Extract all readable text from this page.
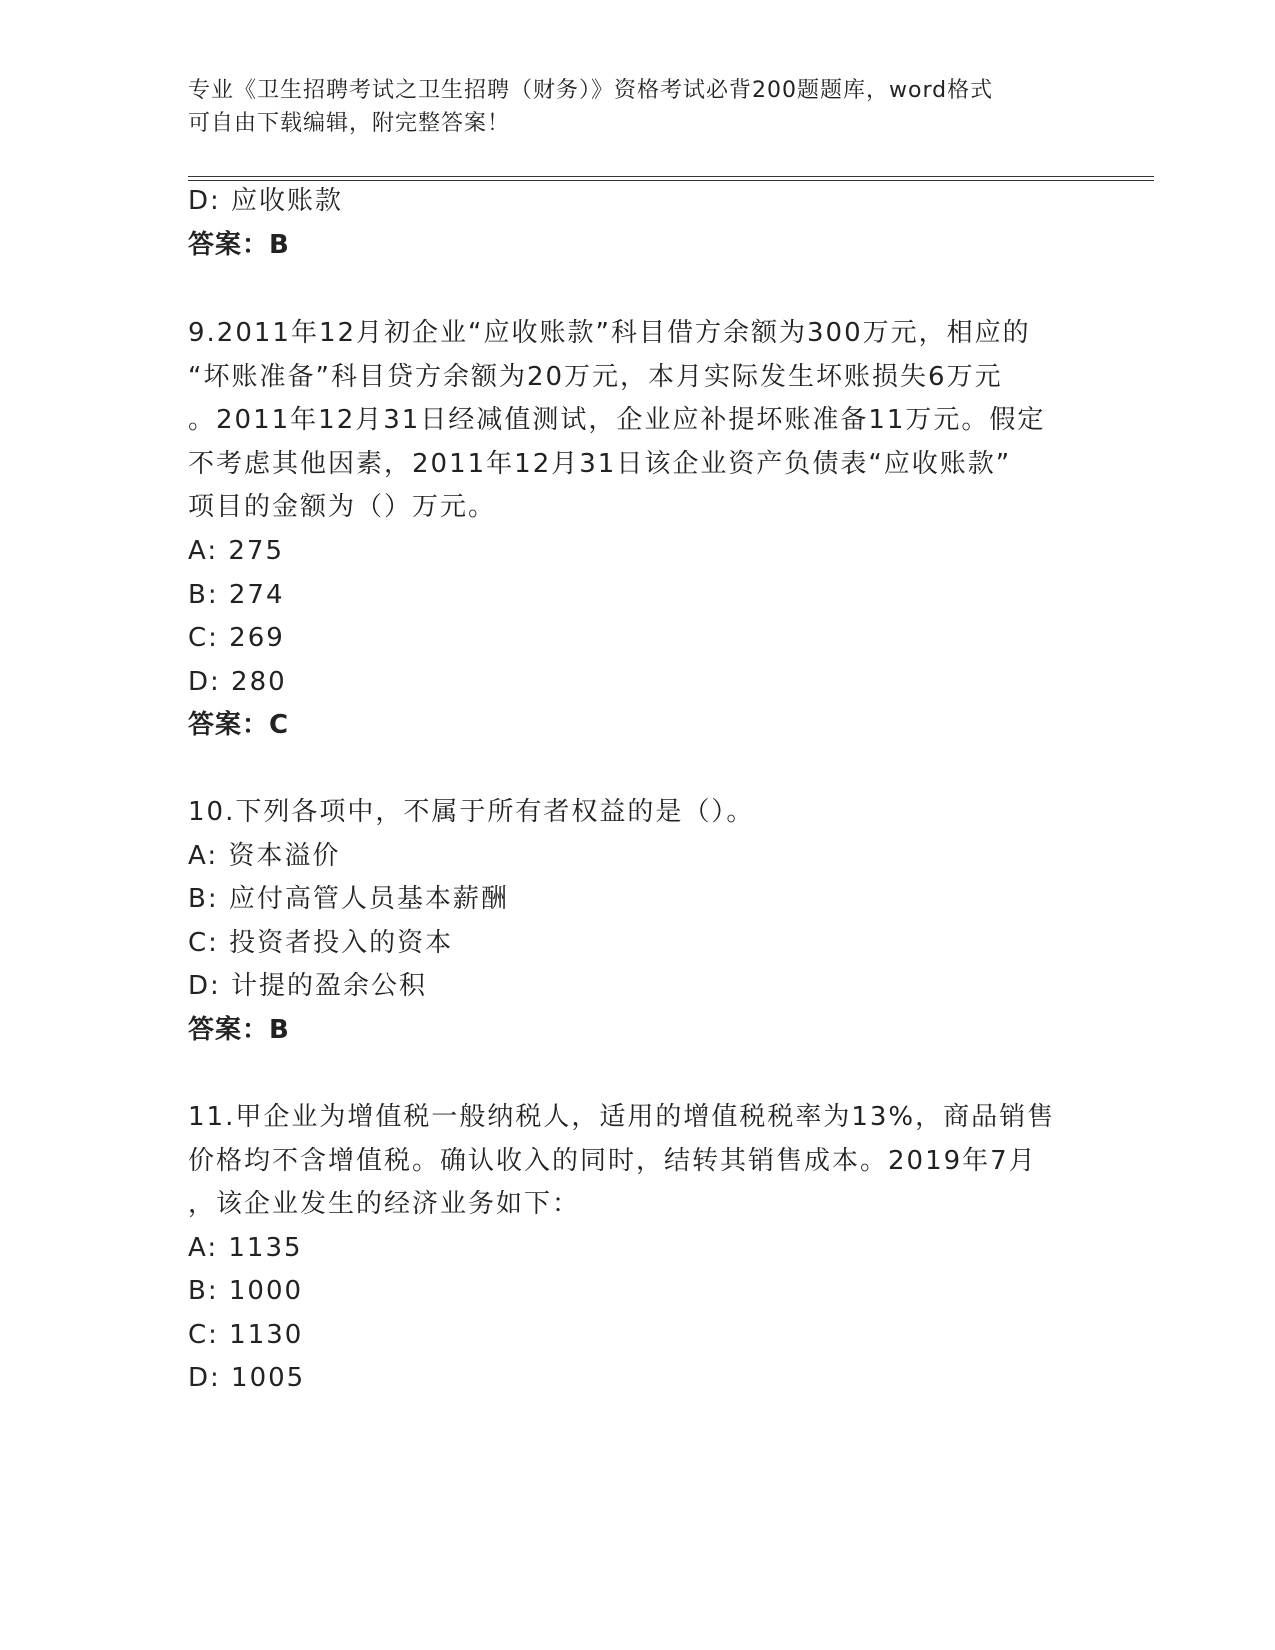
专业《卫生招聘考试之卫生招聘（财务）》资格考试必背200题题库，word格式
可自由下载编辑，附完整答案！
D: 应收账款
答案：B
9.2011年12月初企业“应收账款”科目借方余额为300万元，相应的
“坏账准备”科目贷方余额为20万元，本月实际发生坏账损失6万元
。2011年12月31日经减值测试，企业应补提坏账准备11万元。假定
不考虑其他因素，2011年12月31日该企业资产负债表“应收账款”
项目的金额为（）万元。
A: 275
B: 274
C: 269
D: 280
答案：C
10.下列各项中，不属于所有者权益的是（）。
A: 资本溢价
B: 应付高管人员基本薪酬
C: 投资者投入的资本
D: 计提的盈余公积
答案：B
11.甲企业为增值税一般纳税人，适用的增值税税率为13%，商品销售
价格均不含增值税。确认收入的同时，结转其销售成本。2019年7月
，该企业发生的经济业务如下：
A: 1135
B: 1000
C: 1130
D: 1005
